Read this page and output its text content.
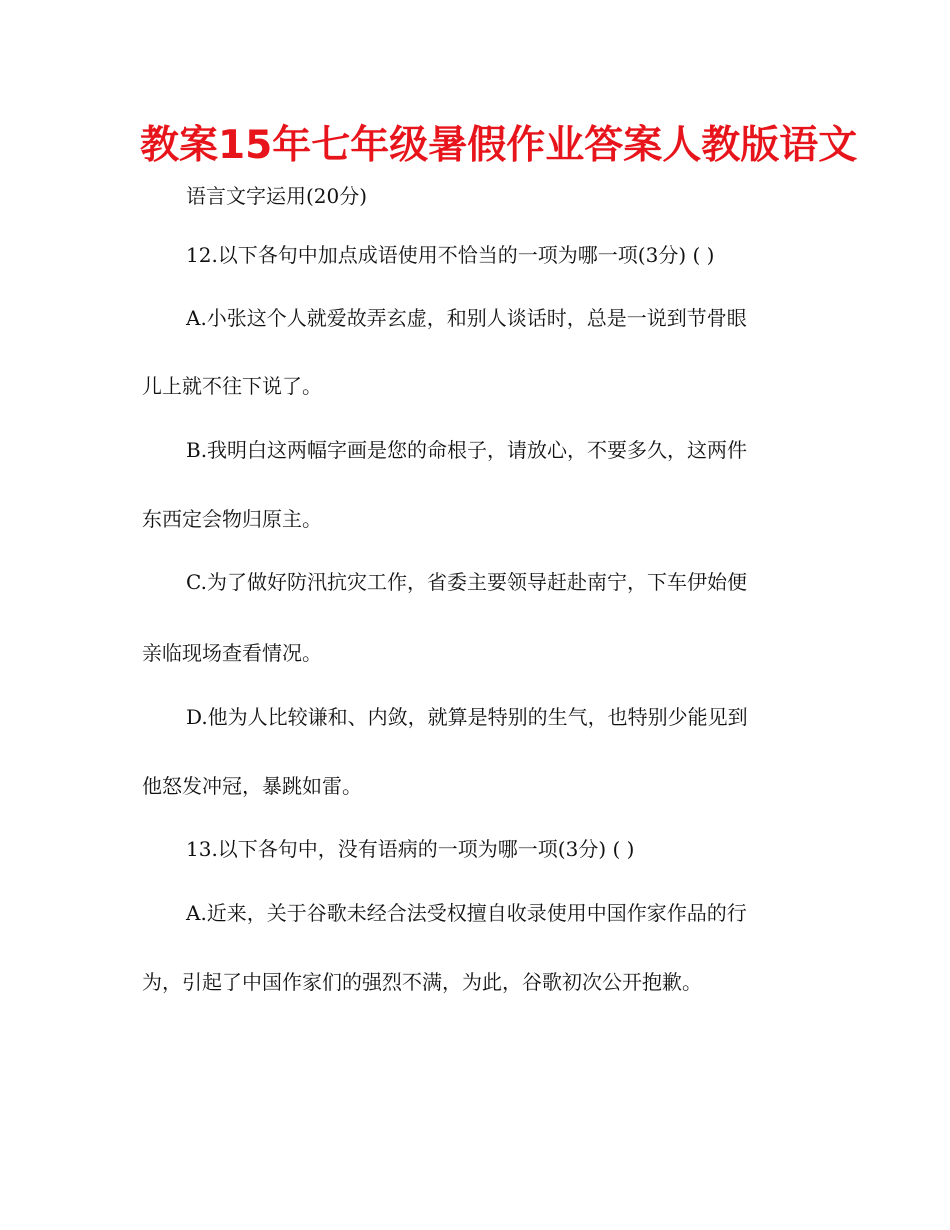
教案15年七年级暑假作业答案人教版语文
语言文字运用(20分)
12.以下各句中加点成语使用不恰当的一项为哪一项(3分) ( )
A.小张这个人就爱故弄玄虚，和别人谈话时，总是一说到节骨眼
儿上就不往下说了。
B.我明白这两幅字画是您的命根子，请放心，不要多久，这两件
东西定会物归原主。
C.为了做好防汛抗灾工作，省委主要领导赶赴南宁，下车伊始便
亲临现场查看情况。
D.他为人比较谦和、内敛，就算是特别的生气，也特别少能见到
他怒发冲冠，暴跳如雷。
13.以下各句中，没有语病的一项为哪一项(3分) ( )
A.近来，关于谷歌未经合法受权擅自收录使用中国作家作品的行
为，引起了中国作家们的强烈不满，为此，谷歌初次公开抱歉。
